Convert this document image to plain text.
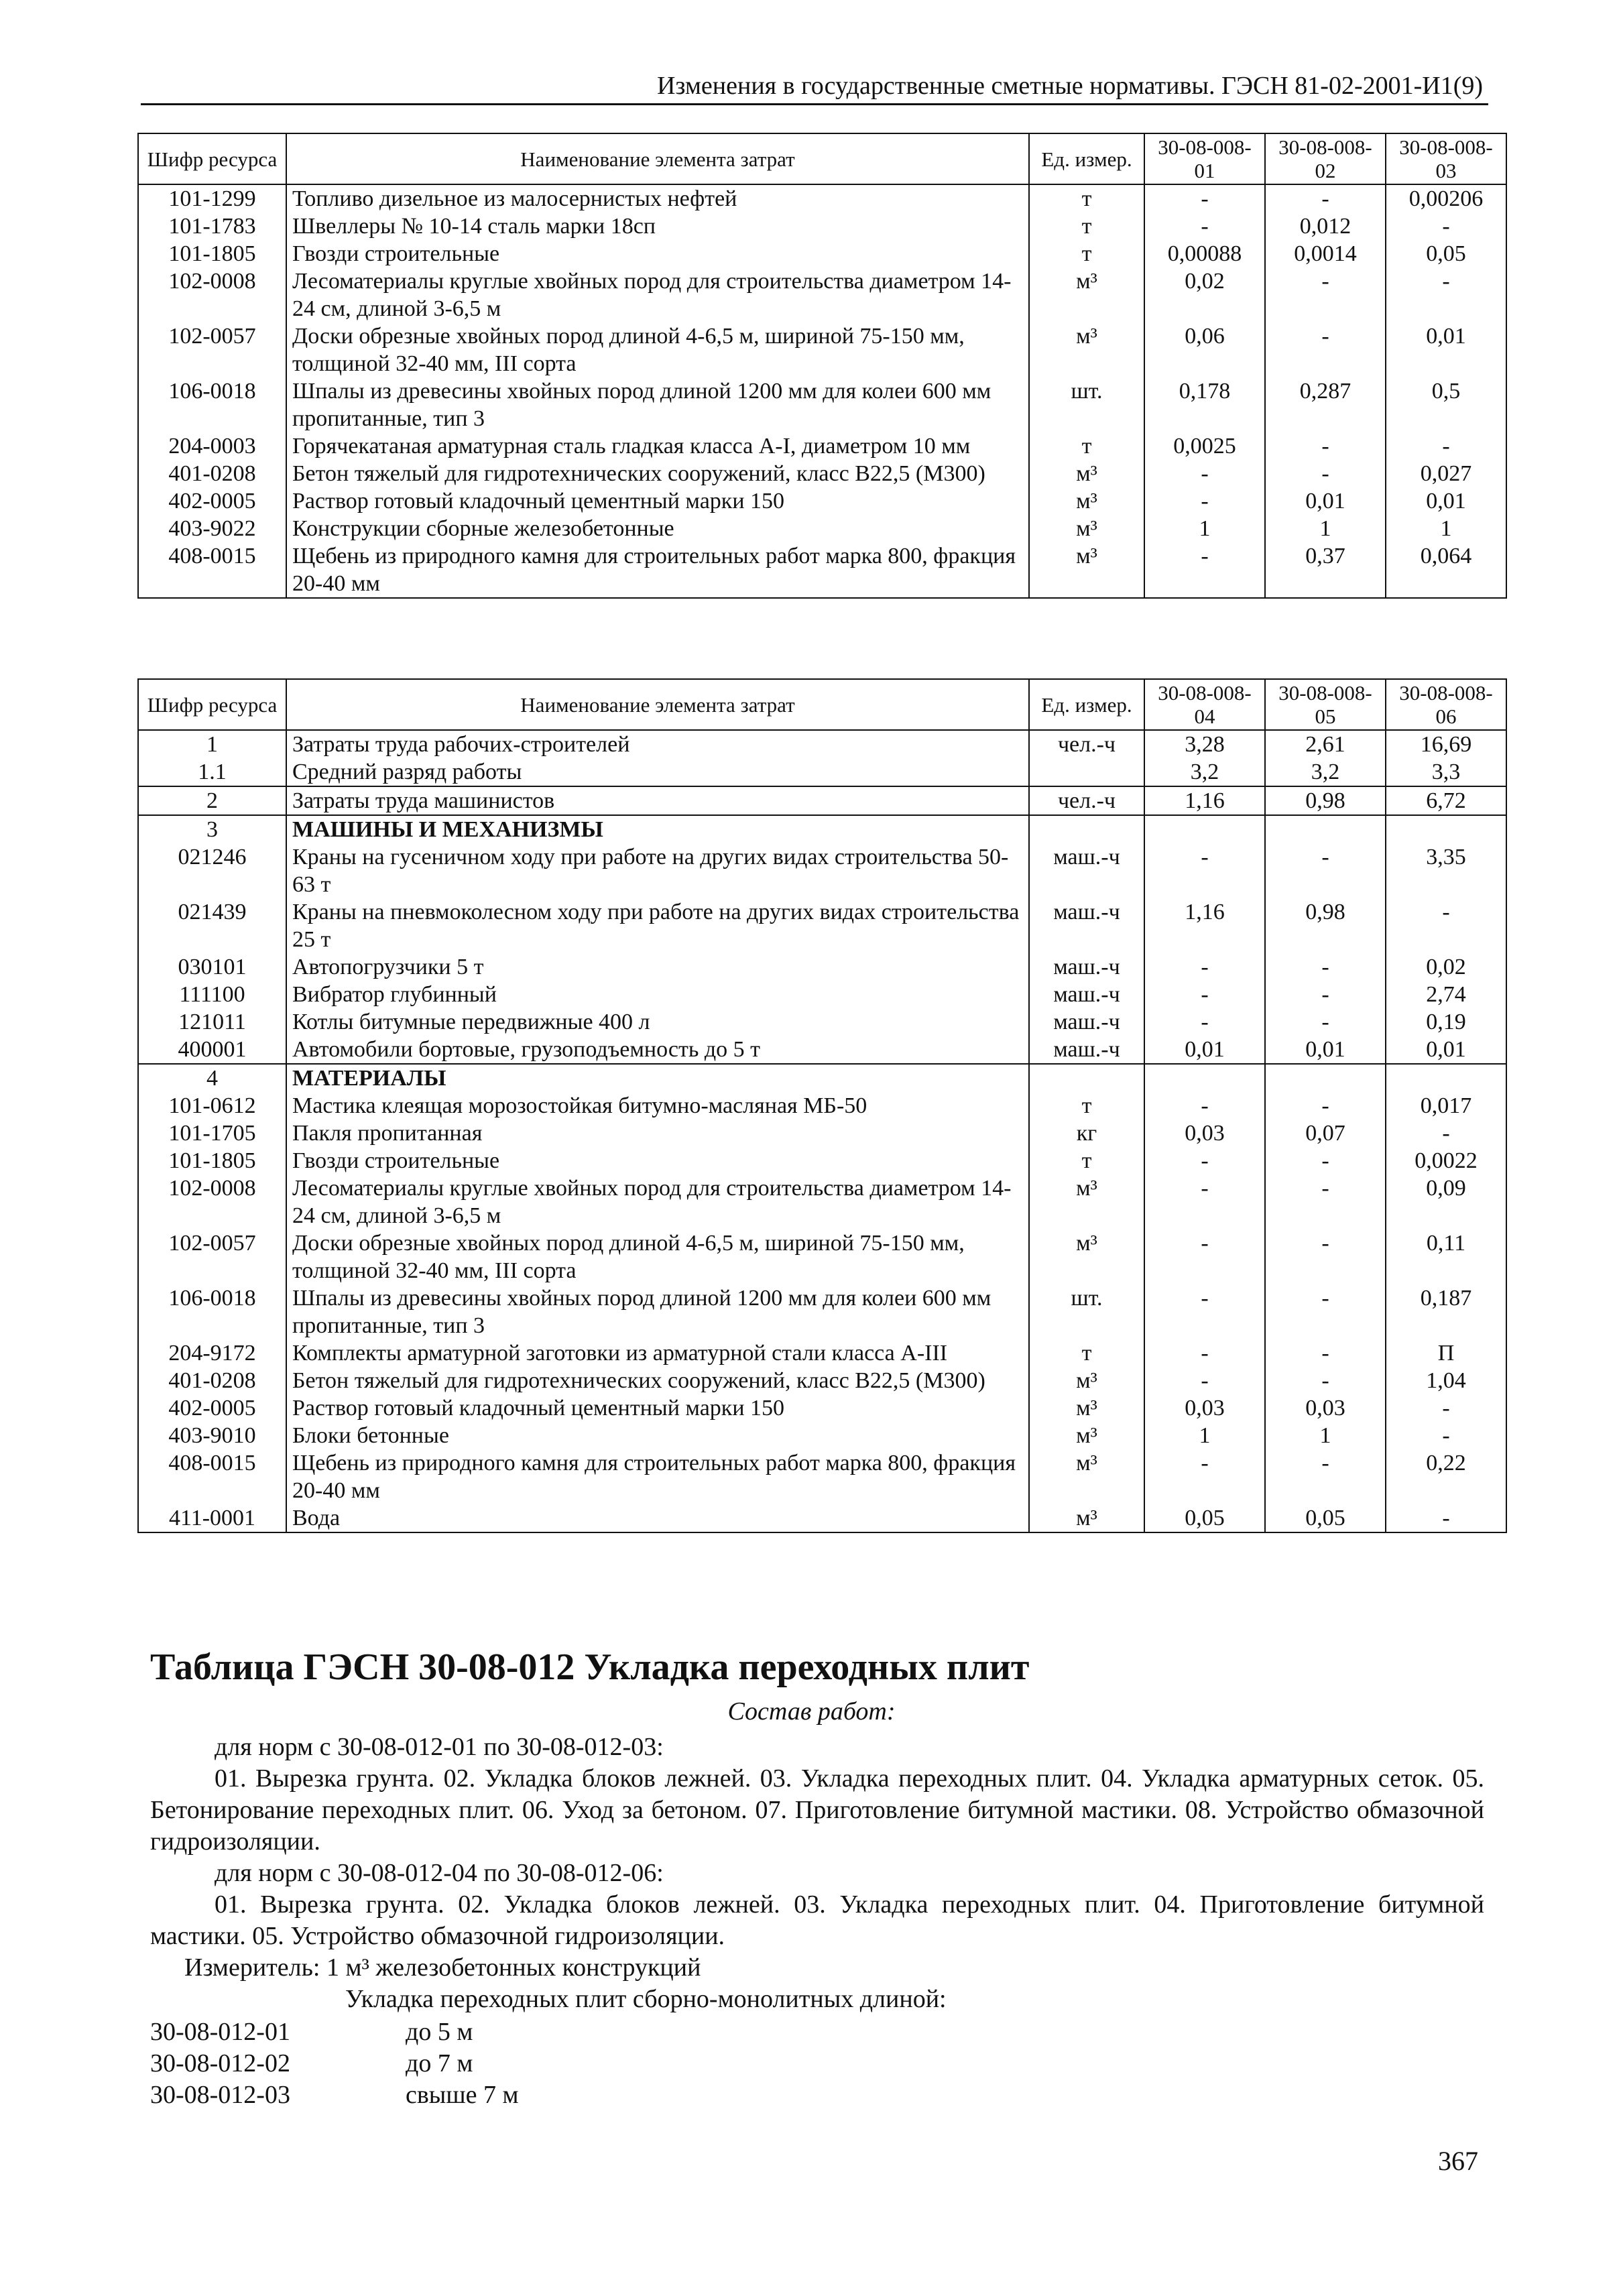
Изменения в государственные сметные нормативы. ГЭСН 81-02-2001-И1(9)
Шифр ресурса	Наименование элемента затрат	Ед. измер.	30-08-008-01	30-08-008-02	30-08-008-03
101-1299	Топливо дизельное из малосернистых нефтей	т	-	-	0,00206
101-1783	Швеллеры № 10-14 сталь марки 18сп	т	-	0,012	-
101-1805	Гвозди строительные	т	0,00088	0,0014	0,05
102-0008	Лесоматериалы круглые хвойных пород для строительства диаметром 14-24 см, длиной 3-6,5 м	м³	0,02	-	-
102-0057	Доски обрезные хвойных пород длиной 4-6,5 м, шириной 75-150 мм, толщиной 32-40 мм, III сорта	м³	0,06	-	0,01
106-0018	Шпалы из древесины хвойных пород длиной 1200 мм для колеи 600 мм пропитанные, тип 3	шт.	0,178	0,287	0,5
204-0003	Горячекатаная арматурная сталь гладкая класса А-I, диаметром 10 мм	т	0,0025	-	-
401-0208	Бетон тяжелый для гидротехнических сооружений, класс В22,5 (М300)	м³	-	-	0,027
402-0005	Раствор готовый кладочный цементный марки 150	м³	-	0,01	0,01
403-9022	Конструкции сборные железобетонные	м³	1	1	1
408-0015	Щебень из природного камня для строительных работ марка 800, фракция 20-40 мм	м³	-	0,37	0,064
Шифр ресурса	Наименование элемента затрат	Ед. измер.	30-08-008-04	30-08-008-05	30-08-008-06
1	Затраты труда рабочих-строителей	чел.-ч	3,28	2,61	16,69
1.1	Средний разряд работы		3,2	3,2	3,3
2	Затраты труда машинистов	чел.-ч	1,16	0,98	6,72
3	МАШИНЫ И МЕХАНИЗМЫ				
021246	Краны на гусеничном ходу при работе на других видах строительства 50-63 т	маш.-ч	-	-	3,35
021439	Краны на пневмоколесном ходу при работе на других видах строительства 25 т	маш.-ч	1,16	0,98	-
030101	Автопогрузчики 5 т	маш.-ч	-	-	0,02
111100	Вибратор глубинный	маш.-ч	-	-	2,74
121011	Котлы битумные передвижные 400 л	маш.-ч	-	-	0,19
400001	Автомобили бортовые, грузоподъемность до 5 т	маш.-ч	0,01	0,01	0,01
4	МАТЕРИАЛЫ				
101-0612	Мастика клеящая морозостойкая битумно-масляная МБ-50	т	-	-	0,017
101-1705	Пакля пропитанная	кг	0,03	0,07	-
101-1805	Гвозди строительные	т	-	-	0,0022
102-0008	Лесоматериалы круглые хвойных пород для строительства диаметром 14-24 см, длиной 3-6,5 м	м³	-	-	0,09
102-0057	Доски обрезные хвойных пород длиной 4-6,5 м, шириной 75-150 мм, толщиной 32-40 мм, III сорта	м³	-	-	0,11
106-0018	Шпалы из древесины хвойных пород длиной 1200 мм для колеи 600 мм пропитанные, тип 3	шт.	-	-	0,187
204-9172	Комплекты арматурной заготовки из арматурной стали класса А-III	т	-	-	П
401-0208	Бетон тяжелый для гидротехнических сооружений, класс В22,5 (М300)	м³	-	-	1,04
402-0005	Раствор готовый кладочный цементный марки 150	м³	0,03	0,03	-
403-9010	Блоки бетонные	м³	1	1	-
408-0015	Щебень из природного камня для строительных работ марка 800, фракция 20-40 мм	м³	-	-	0,22
411-0001	Вода	м³	0,05	0,05	-
Таблица ГЭСН 30-08-012 Укладка переходных плит
Состав работ:
для норм с 30-08-012-01 по 30-08-012-03:
01. Вырезка грунта. 02. Укладка блоков лежней. 03. Укладка переходных плит. 04. Укладка арматурных сеток. 05. Бетонирование переходных плит. 06. Уход за бетоном. 07. Приготовление битумной мастики. 08. Устройство обмазочной гидроизоляции.
для норм с 30-08-012-04 по 30-08-012-06:
01. Вырезка грунта. 02. Укладка блоков лежней. 03. Укладка переходных плит. 04. Приготовление битумной мастики. 05. Устройство обмазочной гидроизоляции.
Измеритель: 1 м³ железобетонных конструкций
Укладка переходных плит сборно-монолитных длиной:
30-08-012-01	до 5 м
30-08-012-02	до 7 м
30-08-012-03	свыше 7 м
367
